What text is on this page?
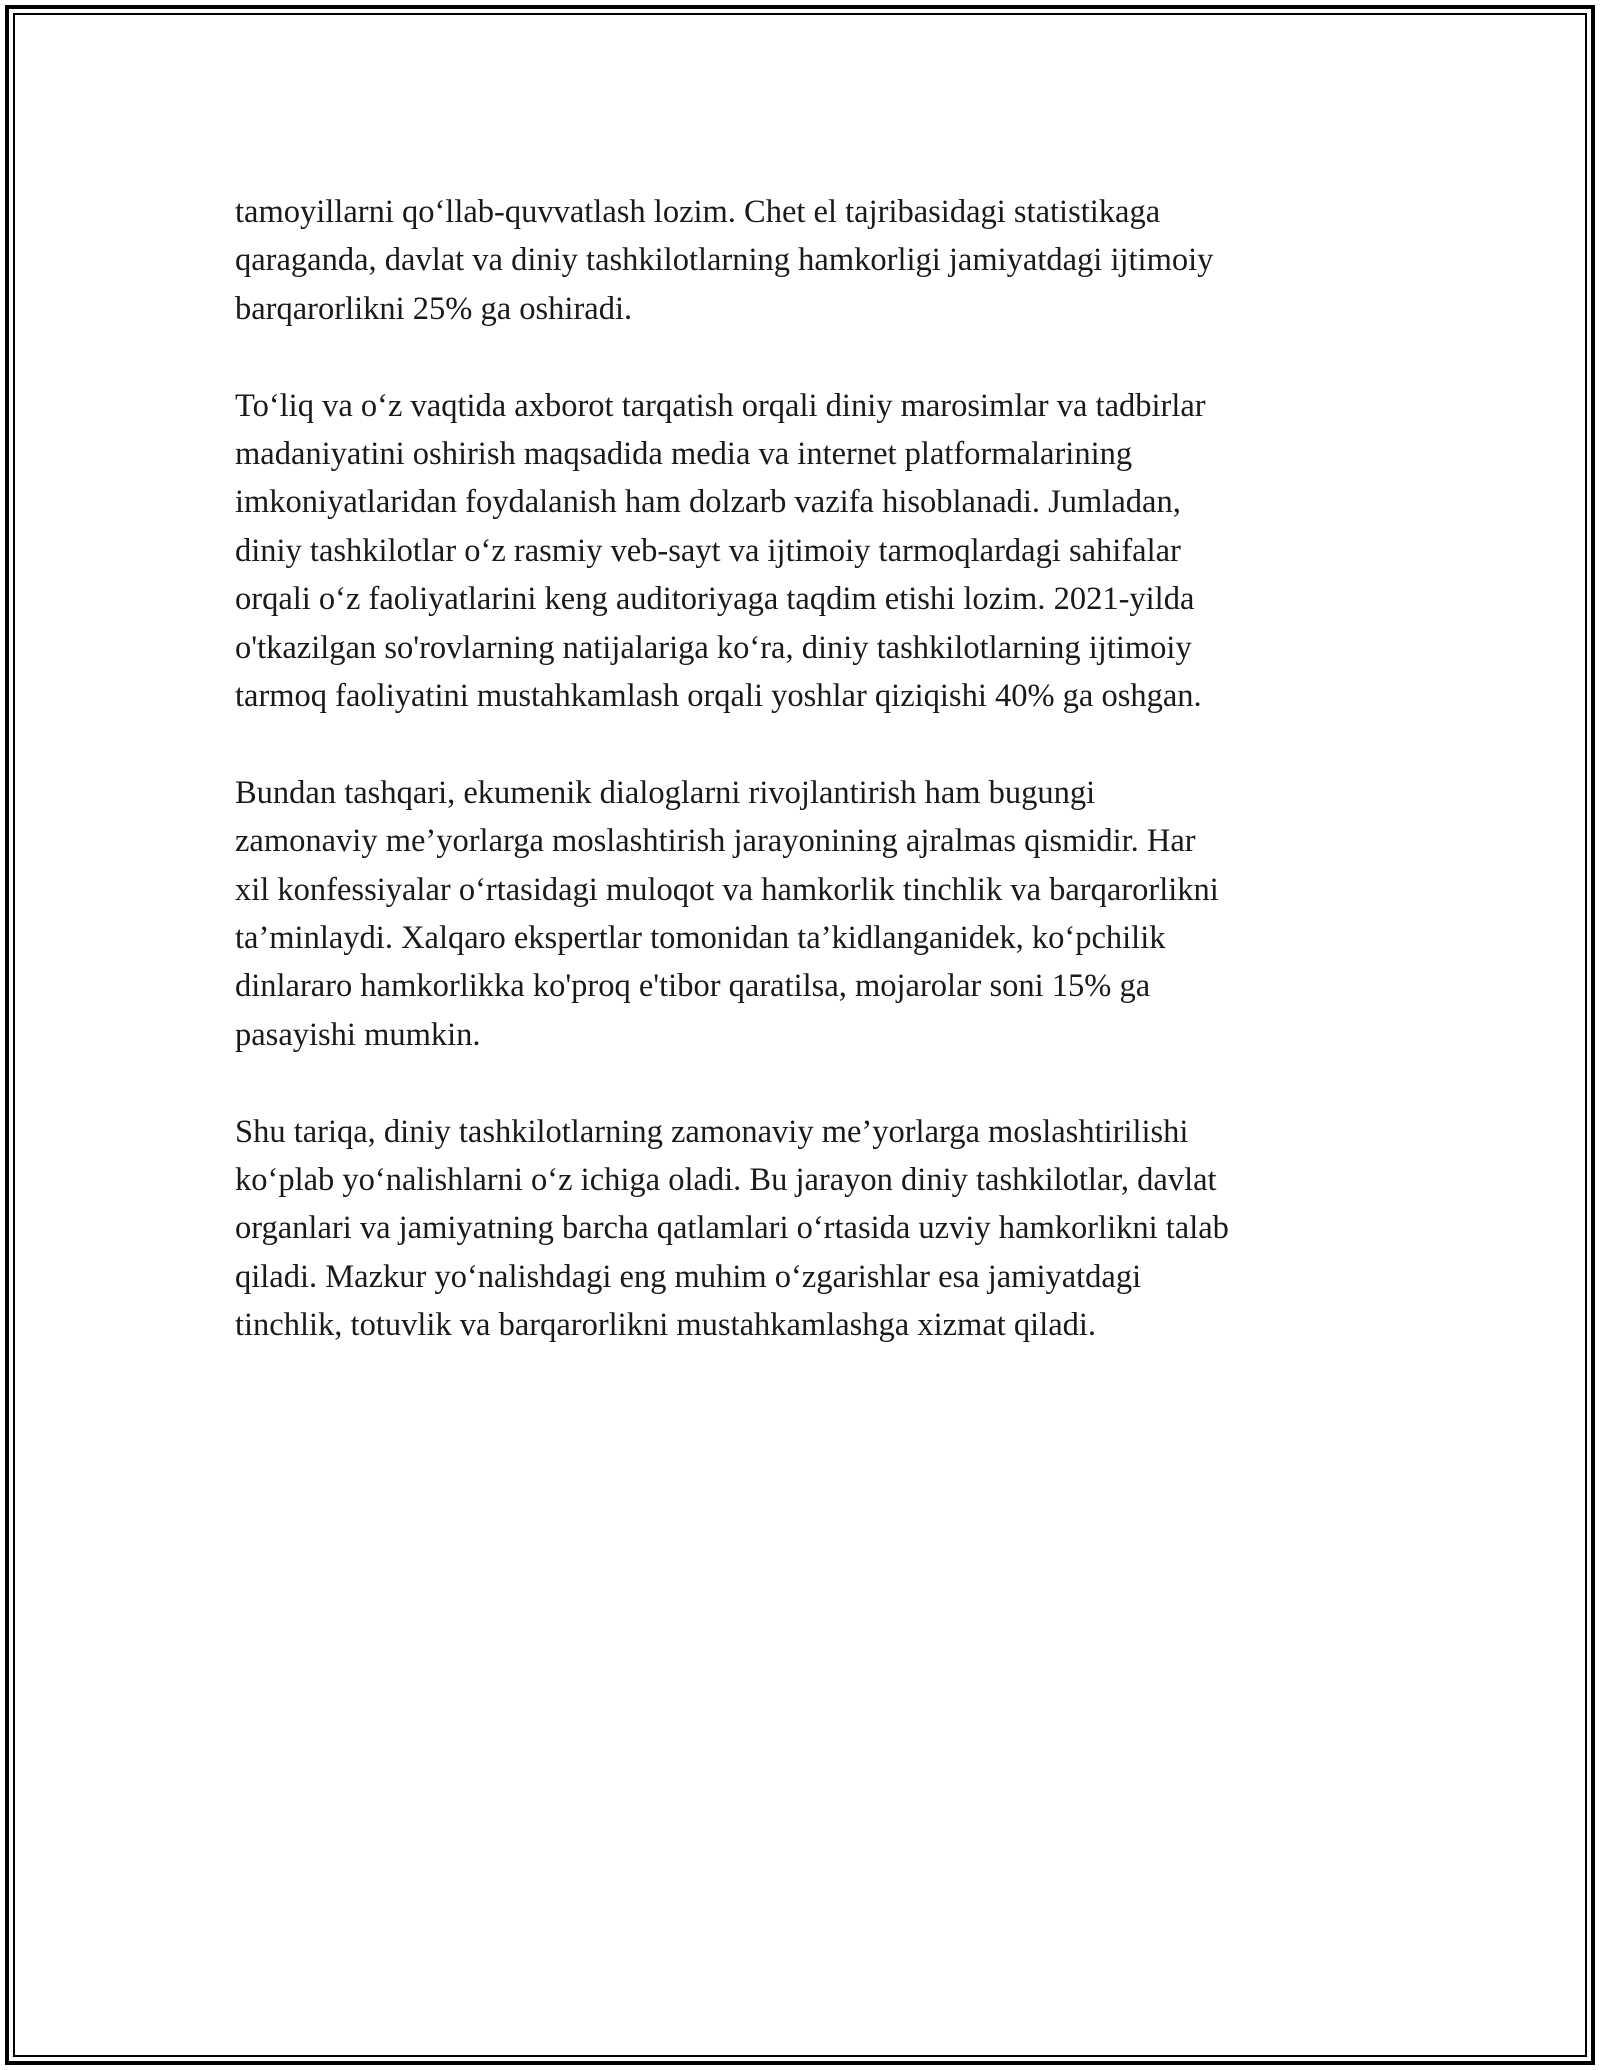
tamoyillarni qo‘llab-quvvatlash lozim. Chet el tajribasidagi statistikaga
qaraganda, davlat va diniy tashkilotlarning hamkorligi jamiyatdagi ijtimoiy
barqarorlikni 25% ga oshiradi.

To‘liq va o‘z vaqtida axborot tarqatish orqali diniy marosimlar va tadbirlar
madaniyatini oshirish maqsadida media va internet platformalarining
imkoniyatlaridan foydalanish ham dolzarb vazifa hisoblanadi. Jumladan,
diniy tashkilotlar o‘z rasmiy veb-sayt va ijtimoiy tarmoqlardagi sahifalar
orqali o‘z faoliyatlarini keng auditoriyaga taqdim etishi lozim. 2021-yilda
o'tkazilgan so'rovlarning natijalariga ko‘ra, diniy tashkilotlarning ijtimoiy
tarmoq faoliyatini mustahkamlash orqali yoshlar qiziqishi 40% ga oshgan.

Bundan tashqari, ekumenik dialoglarni rivojlantirish ham bugungi
zamonaviy me’yorlarga moslashtirish jarayonining ajralmas qismidir. Har
xil konfessiyalar o‘rtasidagi muloqot va hamkorlik tinchlik va barqarorlikni
ta’minlaydi. Xalqaro ekspertlar tomonidan ta’kidlanganidek, ko‘pchilik
dinlararo hamkorlikka ko'proq e'tibor qaratilsa, mojarolar soni 15% ga
pasayishi mumkin.

Shu tariqa, diniy tashkilotlarning zamonaviy me’yorlarga moslashtirilishi
ko‘plab yo‘nalishlarni o‘z ichiga oladi. Bu jarayon diniy tashkilotlar, davlat
organlari va jamiyatning barcha qatlamlari o‘rtasida uzviy hamkorlikni talab
qiladi. Mazkur yo‘nalishdagi eng muhim o‘zgarishlar esa jamiyatdagi
tinchlik, totuvlik va barqarorlikni mustahkamlashga xizmat qiladi.
